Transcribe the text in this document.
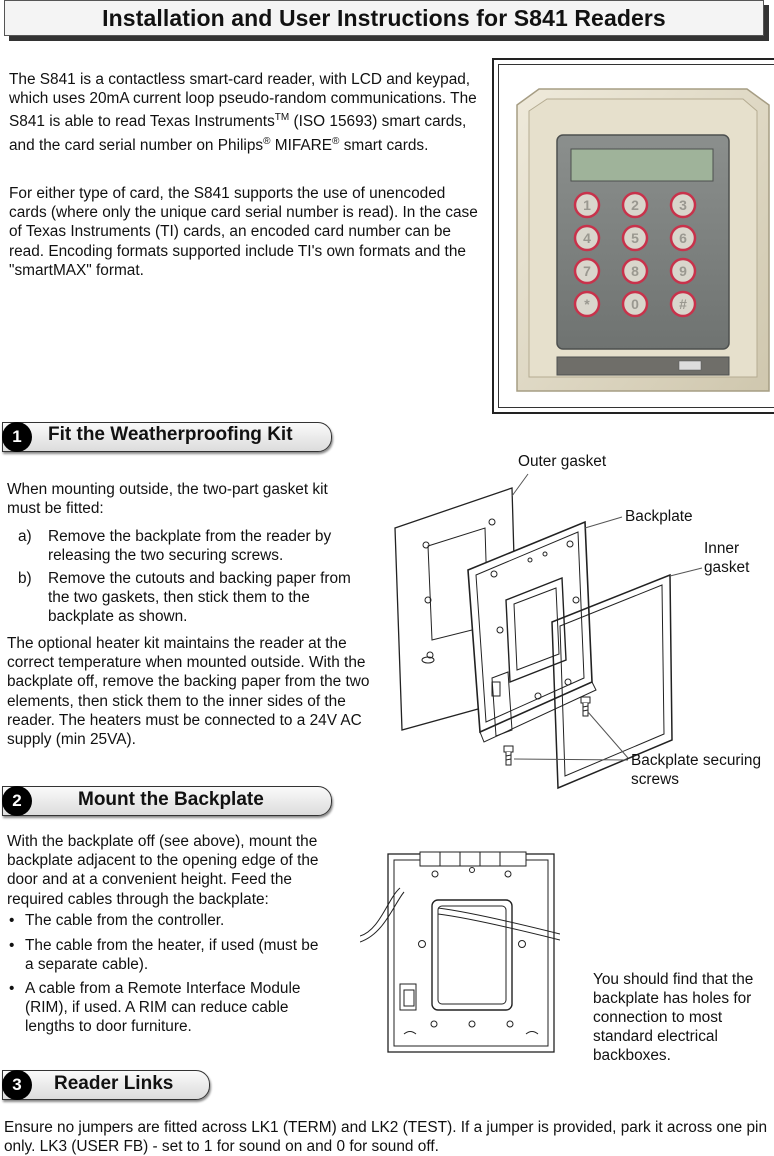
Installation and User Instructions for S841 Readers
The S841 is a contactless smart-card reader, with LCD and keypad, which uses 20mA current loop pseudo-random communications. The S841 is able to read Texas Instruments™ (ISO 15693) smart cards, and the card serial number on Philips® MIFARE® smart cards.
For either type of card, the S841 supports the use of unencoded cards (where only the unique card serial number is read). In the case of Texas Instruments (TI) cards, an encoded card number can be read. Encoding formats supported include TI's own formats and the "smartMAX" format.
1	2	3
4	5	6
7	8	9
*	0	#
1	Fit the Weatherproofing Kit
When mounting outside, the two-part gasket kit must be fitted:
a) Remove the backplate from the reader by releasing the two securing screws.
b) Remove the cutouts and backing paper from the two gaskets, then stick them to the backplate as shown.
The optional heater kit maintains the reader at the correct temperature when mounted outside. With the backplate off, remove the backing paper from the two elements, then stick them to the inner sides of the reader. The heaters must be connected to a 24V AC supply (min 25VA).
Outer gasket
Backplate
Inner gasket
Backplate securing screws
2	Mount the Backplate
With the backplate off (see above), mount the backplate adjacent to the opening edge of the door and at a convenient height. Feed the required cables through the backplate:
• The cable from the controller.
• The cable from the heater, if used (must be a separate cable).
• A cable from a Remote Interface Module (RIM), if used. A RIM can reduce cable lengths to door furniture.
You should find that the backplate has holes for connection to most standard electrical backboxes.
3	Reader Links
Ensure no jumpers are fitted across LK1 (TERM) and LK2 (TEST). If a jumper is provided, park it across one pin only. LK3 (USER FB) - set to 1 for sound on and 0 for sound off.
